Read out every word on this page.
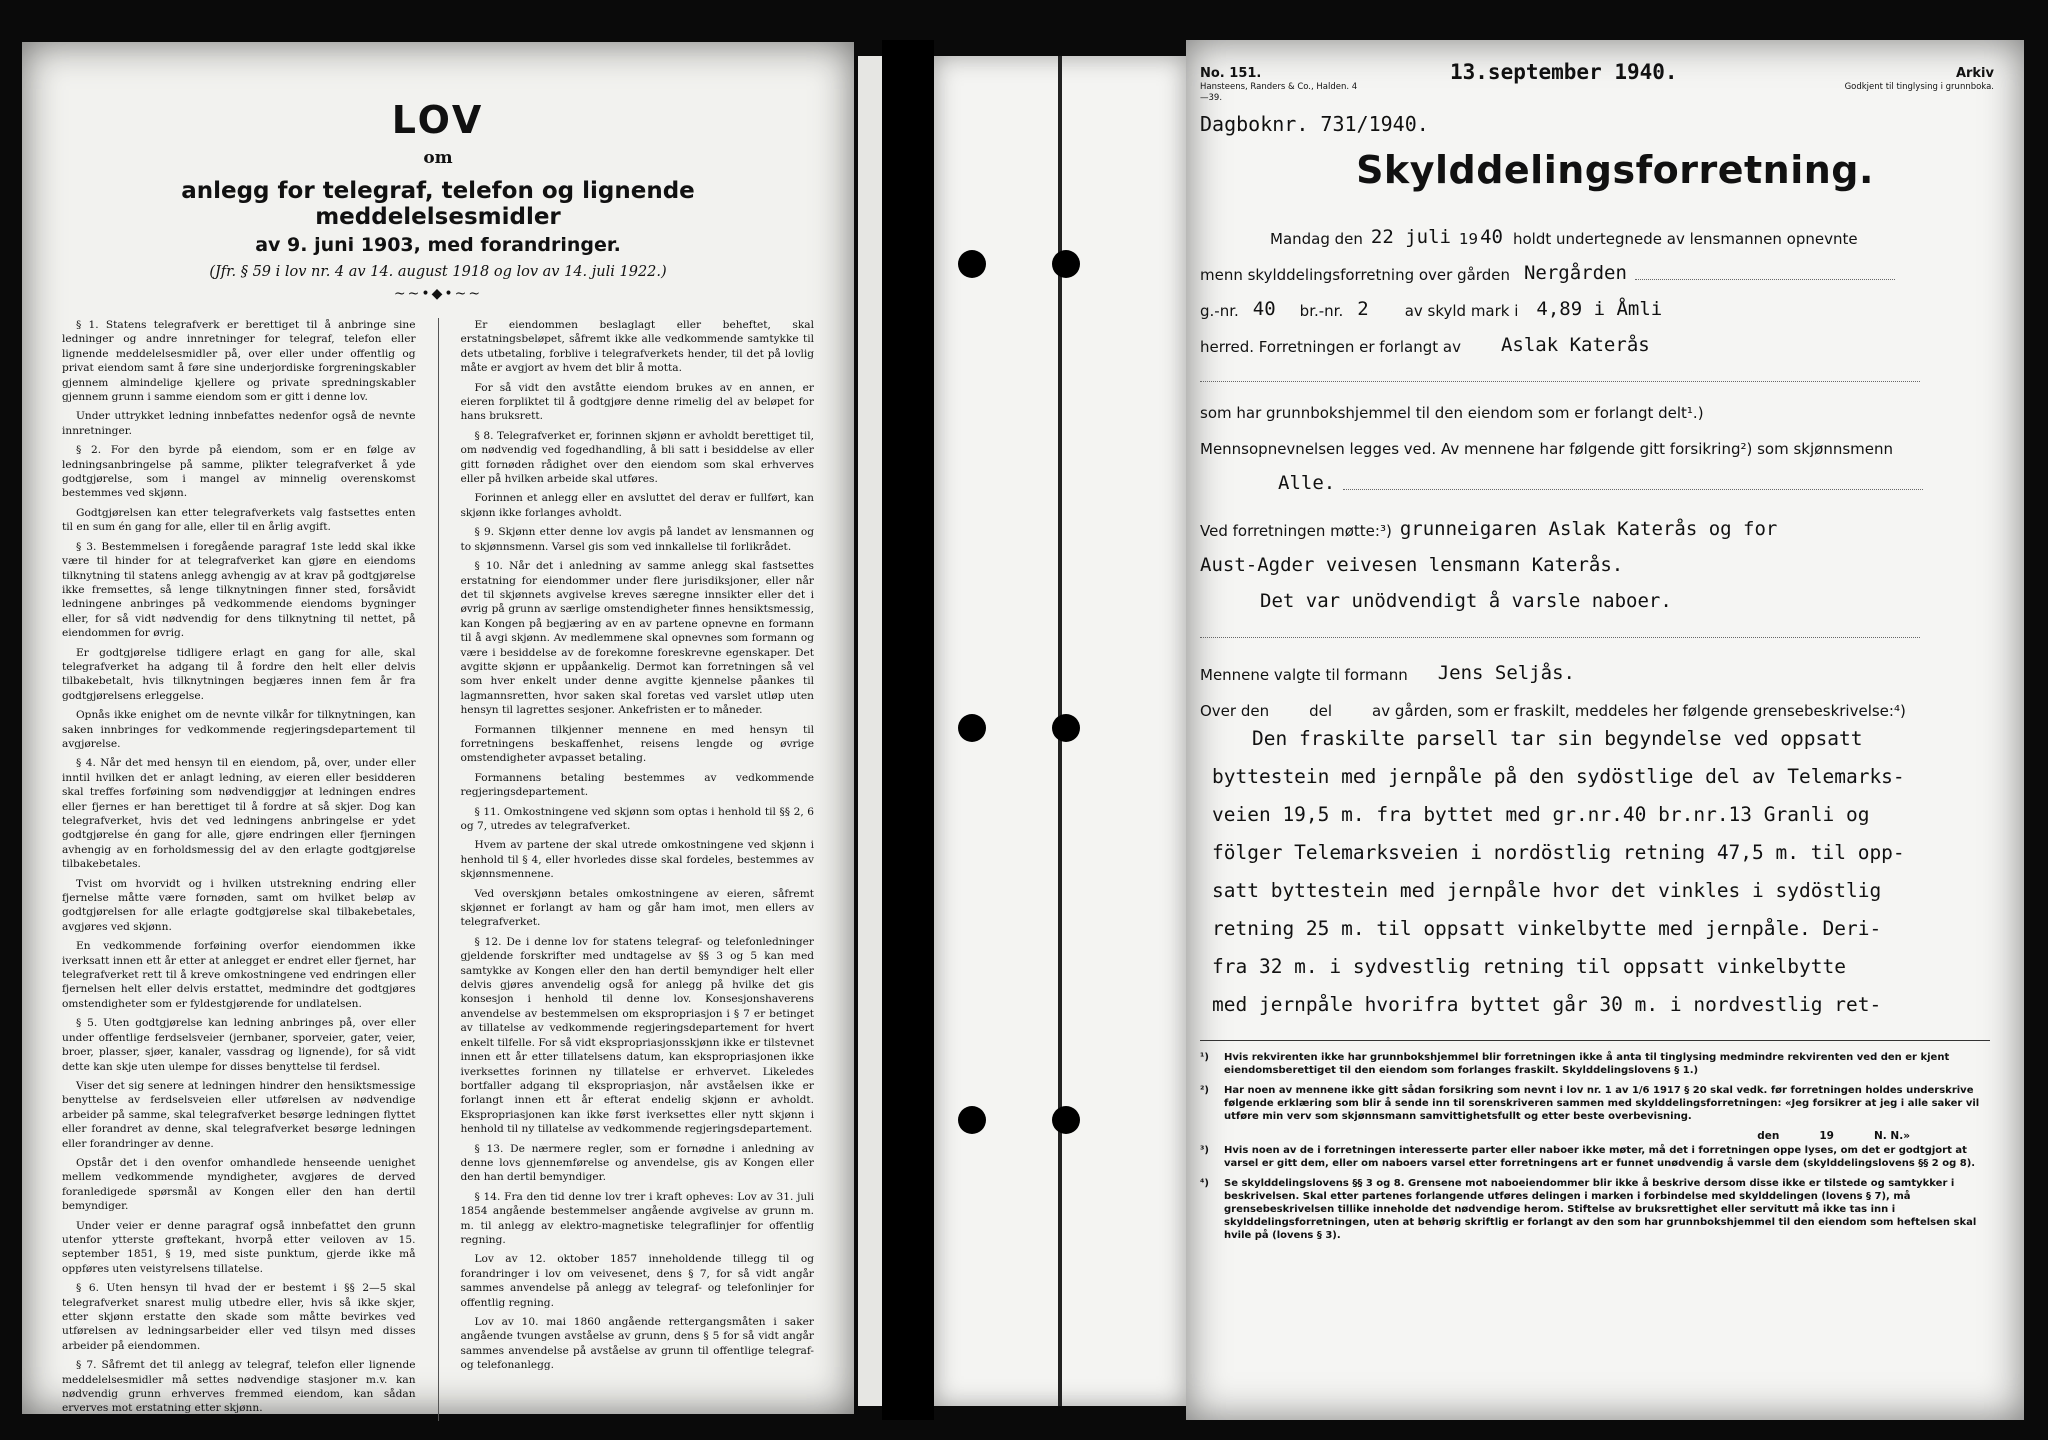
LOV
om
anlegg for telegraf, telefon og lignende meddelelsesmidler
av 9. juni 1903, med forandringer.
(Jfr. § 59 i lov nr. 4 av 14. august 1918 og lov av 14. juli 1922.)
~~•◆•~~

§ 1. Statens telegrafverk er berettiget til å anbringe sine ledninger og andre innretninger for telegraf, telefon eller lignende meddelelsesmidler på, over eller under offentlig og privat eiendom samt å føre sine underjordiske forgreningskabler gjennem almindelige kjellere og private spredningskabler gjennem grunn i samme eiendom som er gitt i denne lov.

Under uttrykket ledning innbefattes nedenfor også de nevnte innretninger.

§ 2. For den byrde på eiendom, som er en følge av ledningsanbringelse på samme, plikter telegrafverket å yde godtgjørelse, som i mangel av minnelig overenskomst bestemmes ved skjønn.

Godtgjørelsen kan etter telegrafverkets valg fastsettes enten til en sum én gang for alle, eller til en årlig avgift.

§ 3. Bestemmelsen i foregående paragraf 1ste ledd skal ikke være til hinder for at telegrafverket kan gjøre en eiendoms tilknytning til statens anlegg avhengig av at krav på godtgjørelse ikke fremsettes, så lenge tilknytningen finner sted, forsåvidt ledningene anbringes på vedkommende eiendoms bygninger eller, for så vidt nødvendig for dens tilknytning til nettet, på eiendommen for øvrig.

Er godtgjørelse tidligere erlagt en gang for alle, skal telegrafverket ha adgang til å fordre den helt eller delvis tilbakebetalt, hvis tilknytningen begjæres innen fem år fra godtgjørelsens erleggelse.

Opnås ikke enighet om de nevnte vilkår for tilknytningen, kan saken innbringes for vedkommende regjeringsdepartement til avgjørelse.

§ 4. Når det med hensyn til en eiendom, på, over, under eller inntil hvilken det er anlagt ledning, av eieren eller besidderen skal treffes forføining som nødvendiggjør at ledningen endres eller fjernes er han berettiget til å fordre at så skjer. Dog kan telegrafverket, hvis det ved ledningens anbringelse er ydet godtgjørelse én gang for alle, gjøre endringen eller fjerningen avhengig av en forholdsmessig del av den erlagte godtgjørelse tilbakebetales.

Tvist om hvorvidt og i hvilken utstrekning endring eller fjernelse måtte være fornøden, samt om hvilket beløp av godtgjørelsen for alle erlagte godtgjørelse skal tilbakebetales, avgjøres ved skjønn.

En vedkommende forføining overfor eiendommen ikke iverksatt innen ett år etter at anlegget er endret eller fjernet, har telegrafverket rett til å kreve omkostningene ved endringen eller fjernelsen helt eller delvis erstattet, medmindre det godtgjøres omstendigheter som er fyldestgjørende for undlatelsen.

§ 5. Uten godtgjørelse kan ledning anbringes på, over eller under offentlige ferdselsveier (jernbaner, sporveier, gater, veier, broer, plasser, sjøer, kanaler, vassdrag og lignende), for så vidt dette kan skje uten ulempe for disses benyttelse til ferdsel.

Viser det sig senere at ledningen hindrer den hensiktsmessige benyttelse av ferdselsveien eller utførelsen av nødvendige arbeider på samme, skal telegrafverket besørge ledningen flyttet eller forandret av denne, skal telegrafverket besørge ledningen eller forandringer av denne.

Opstår det i den ovenfor omhandlede henseende uenighet mellem vedkommende myndigheter, avgjøres de derved foranledigede spørsmål av Kongen eller den han dertil bemyndiger.

Under veier er denne paragraf også innbefattet den grunn utenfor ytterste grøftekant, hvorpå etter veiloven av 15. september 1851, § 19, med siste punktum, gjerde ikke må oppføres uten veistyrelsens tillatelse.

§ 6. Uten hensyn til hvad der er bestemt i §§ 2—5 skal telegrafverket snarest mulig utbedre eller, hvis så ikke skjer, etter skjønn erstatte den skade som måtte bevirkes ved utførelsen av ledningsarbeider eller ved tilsyn med disses arbeider på eiendommen.

§ 7. Såfremt det til anlegg av telegraf, telefon eller lignende meddelelsesmidler må settes nødvendige stasjoner m.v. kan nødvendig grunn erhverves fremmed eiendom, kan sådan erverves mot erstatning etter skjønn.

Er eiendommen beslaglagt eller beheftet, skal erstatningsbeløpet, såfremt ikke alle vedkommende samtykke til dets utbetaling, forblive i telegrafverkets hender, til det på lovlig måte er avgjort av hvem det blir å motta.

For så vidt den avståtte eiendom brukes av en annen, er eieren forpliktet til å godtgjøre denne rimelig del av beløpet for hans bruksrett.

§ 8. Telegrafverket er, forinnen skjønn er avholdt berettiget til, om nødvendig ved fogedhandling, å bli satt i besiddelse av eller gitt fornøden rådighet over den eiendom som skal erhverves eller på hvilken arbeide skal utføres.

Forinnen et anlegg eller en avsluttet del derav er fullført, kan skjønn ikke forlanges avholdt.

§ 9. Skjønn etter denne lov avgis på landet av lensmannen og to skjønnsmenn. Varsel gis som ved innkallelse til forlikrådet.

§ 10. Når det i anledning av samme anlegg skal fastsettes erstatning for eiendommer under flere jurisdiksjoner, eller når det til skjønnets avgivelse kreves særegne innsikter eller det i øvrig på grunn av særlige omstendigheter finnes hensiktsmessig, kan Kongen på begjæring av en av partene opnevne en formann til å avgi skjønn. Av medlemmene skal opnevnes som formann og være i besiddelse av de forekomne foreskrevne egenskaper. Det avgitte skjønn er uppåankelig. Dermot kan forretningen så vel som hver enkelt under denne avgitte kjennelse påankes til lagmannsretten, hvor saken skal foretas ved varslet utløp uten hensyn til lagrettes sesjoner. Ankefristen er to måneder.

Formannen tilkjenner mennene en med hensyn til forretningens beskaffenhet, reisens lengde og øvrige omstendigheter avpasset betaling.

Formannens betaling bestemmes av vedkommende regjeringsdepartement.

§ 11. Omkostningene ved skjønn som optas i henhold til §§ 2, 6 og 7, utredes av telegrafverket.

Hvem av partene der skal utrede omkostningene ved skjønn i henhold til § 4, eller hvorledes disse skal fordeles, bestemmes av skjønnsmennene.

Ved overskjønn betales omkostningene av eieren, såfremt skjønnet er forlangt av ham og går ham imot, men ellers av telegrafverket.

§ 12. De i denne lov for statens telegraf- og telefonledninger gjeldende forskrifter med undtagelse av §§ 3 og 5 kan med samtykke av Kongen eller den han dertil bemyndiger helt eller delvis gjøres anvendelig også for anlegg på hvilke det gis konsesjon i henhold til denne lov. Konsesjonshaverens anvendelse av bestemmelsen om ekspropriasjon i § 7 er betinget av tillatelse av vedkommende regjeringsdepartement for hvert enkelt tilfelle. For så vidt ekspropriasjonsskjønn ikke er tilstevnet innen ett år etter tillatelsens datum, kan ekspropriasjonen ikke iverksettes forinnen ny tillatelse er erhvervet. Likeledes bortfaller adgang til ekspropriasjon, når avståelsen ikke er forlangt innen ett år efterat endelig skjønn er avholdt. Ekspropriasjonen kan ikke først iverksettes eller nytt skjønn i henhold til ny tillatelse av vedkommende regjeringsdepartement.

§ 13. De nærmere regler, som er fornødne i anledning av denne lovs gjennemførelse og anvendelse, gis av Kongen eller den han dertil bemyndiger.

§ 14. Fra den tid denne lov trer i kraft opheves: Lov av 31. juli 1854 angående bestemmelser angående avgivelse av grunn m. m. til anlegg av elektro-magnetiske telegraflinjer for offentlig regning.

Lov av 12. oktober 1857 inneholdende tillegg til og forandringer i lov om veivesenet, dens § 7, for så vidt angår sammes anvendelse på anlegg av telegraf- og telefonlinjer for offentlig regning.

Lov av 10. mai 1860 angående rettergangsmåten i saker angående tvungen avståelse av grunn, dens § 5 for så vidt angår sammes anvendelse på avståelse av grunn til offentlige telegraf- og telefonanlegg.

No. 151.
Hansteens, Randers & Co., Halden. 4—39.
13.september 1940.	Arkiv
Godkjent til tinglysing i grunnboka.
Dagboknr. 731/1940.
Skylddelingsforretning.
Mandag den 22 juli 19 40 holdt undertegnede av lensmannen opnevnte
menn skylddelingsforretning over gården Nergården
g.-nr. 40	br.-nr. 2	av skyld mark i 4,89 i Åmli
herred. Forretningen er forlangt av	Aslak Katerås
som har grunnbokshjemmel til den eiendom som er forlangt delt¹.)
Mennsopnevnelsen legges ved. Av mennene har følgende gitt forsikring²) som skjønnsmenn
Alle.
Ved forretningen møtte:³) grunneigaren Aslak Katerås og for
Aust-Agder veivesen lensmann Katerås.
Det var unödvendigt å varsle naboer.
Mennene valgte til formann	Jens Seljås.
Over den	del	av gården, som er fraskilt, meddeles her følgende grensebeskrivelse:⁴)
Den fraskilte parsell tar sin begyndelse ved oppsatt
byttestein med jernpåle på den sydöstlige del av Telemarks-
veien 19,5 m. fra byttet med gr.nr.40 br.nr.13 Granli og
fölger Telemarksveien i nordöstlig retning 47,5 m. til opp-
satt byttestein med jernpåle hvor det vinkles i sydöstlig
retning 25 m. til oppsatt vinkelbytte med jernpåle. Deri-
fra 32 m. i sydvestlig retning til oppsatt vinkelbytte
med jernpåle hvorifra byttet går 30 m. i nordvestlig ret-
¹)	Hvis rekvirenten ikke har grunnbokshjemmel blir forretningen ikke å anta til tinglysing medmindre rekvirenten ved den er kjent eiendomsberettiget til den eiendom som forlanges fraskilt. Skylddelingslovens § 1.)
²)	Har noen av mennene ikke gitt sådan forsikring som nevnt i lov nr. 1 av 1/6 1917 § 20 skal vedk. før forretningen holdes underskrive følgende erklæring som blir å sende inn til sorenskriveren sammen med skylddelingsforretningen: «Jeg forsikrer at jeg i alle saker vil utføre min verv som skjønnsmann samvittighetsfullt og etter beste overbevisning.
den	19	N. N.»
³)	Hvis noen av de i forretningen interesserte parter eller naboer ikke møter, må det i forretningen oppe lyses, om det er godtgjort at varsel er gitt dem, eller om naboers varsel etter forretningens art er funnet unødvendig å varsle dem (skylddelingslovens §§ 2 og 8).
⁴)	Se skylddelingslovens §§ 3 og 8. Grensene mot naboeiendommer blir ikke å beskrive dersom disse ikke er tilstede og samtykker i beskrivelsen. Skal etter partenes forlangende utføres delingen i marken i forbindelse med skylddelingen (lovens § 7), må grensebeskrivelsen tillike inneholde det nødvendige herom. Stiftelse av bruksrettighet eller servitutt må ikke tas inn i skylddelingsforretningen, uten at behørig skriftlig er forlangt av den som har grunnbokshjemmel til den eiendom som heftelsen skal hvile på (lovens § 3).
